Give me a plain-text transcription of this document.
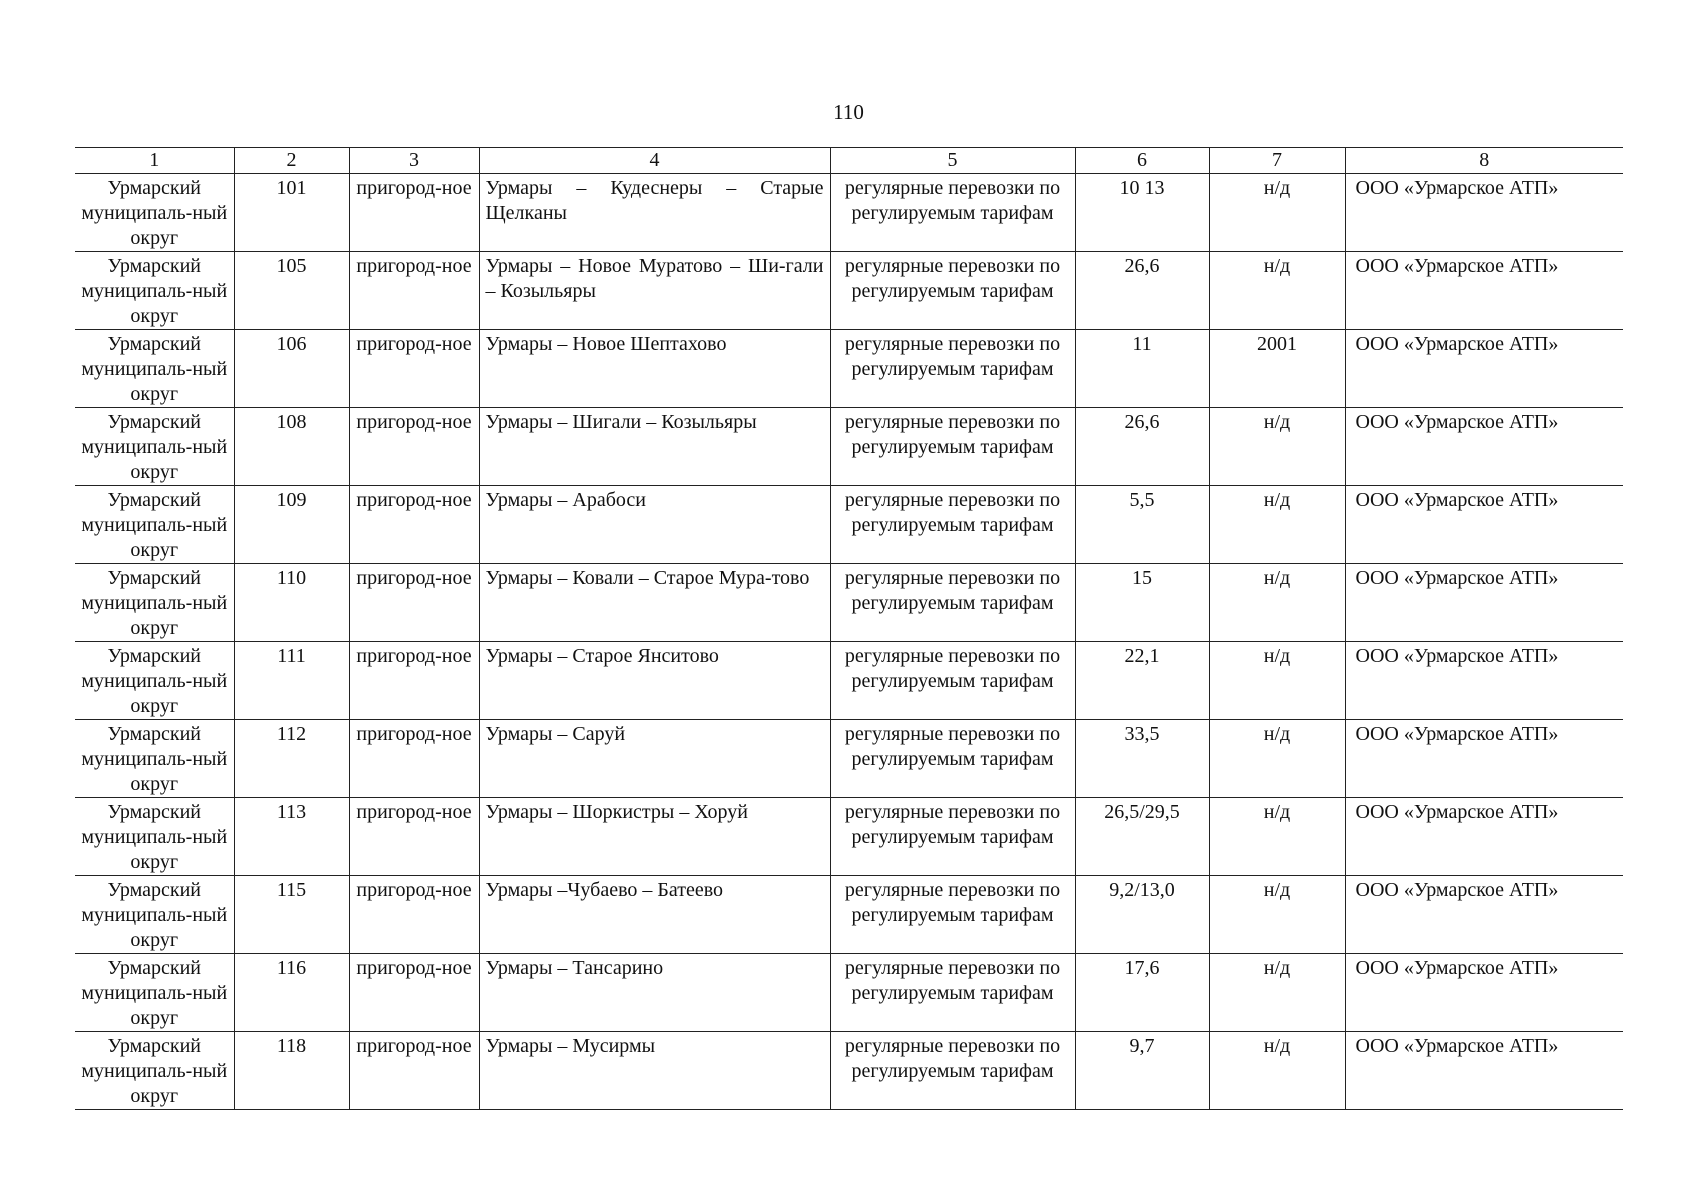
110
1	2	3	4	5	6	7	8
Урмарский муниципаль-ный округ	101	пригород-ное	Урмары – Кудеснеры – Старые Щелканы	регулярные перевозки по регулируемым тарифам	10 13	н/д	ООО «Урмарское АТП»
Урмарский муниципаль-ный округ	105	пригород-ное	Урмары – Новое Муратово – Ши-гали – Козыльяры	регулярные перевозки по регулируемым тарифам	26,6	н/д	ООО «Урмарское АТП»
Урмарский муниципаль-ный округ	106	пригород-ное	Урмары – Новое Шептахово	регулярные перевозки по регулируемым тарифам	11	2001	ООО «Урмарское АТП»
Урмарский муниципаль-ный округ	108	пригород-ное	Урмары – Шигали – Козыльяры	регулярные перевозки по регулируемым тарифам	26,6	н/д	ООО «Урмарское АТП»
Урмарский муниципаль-ный округ	109	пригород-ное	Урмары – Арабоси	регулярные перевозки по регулируемым тарифам	5,5	н/д	ООО «Урмарское АТП»
Урмарский муниципаль-ный округ	110	пригород-ное	Урмары – Ковали – Старое Мура-тово	регулярные перевозки по регулируемым тарифам	15	н/д	ООО «Урмарское АТП»
Урмарский муниципаль-ный округ	111	пригород-ное	Урмары – Старое Янситово	регулярные перевозки по регулируемым тарифам	22,1	н/д	ООО «Урмарское АТП»
Урмарский муниципаль-ный округ	112	пригород-ное	Урмары – Саруй	регулярные перевозки по регулируемым тарифам	33,5	н/д	ООО «Урмарское АТП»
Урмарский муниципаль-ный округ	113	пригород-ное	Урмары – Шоркистры – Хоруй	регулярные перевозки по регулируемым тарифам	26,5/29,5	н/д	ООО «Урмарское АТП»
Урмарский муниципаль-ный округ	115	пригород-ное	Урмары –Чубаево – Батеево	регулярные перевозки по регулируемым тарифам	9,2/13,0	н/д	ООО «Урмарское АТП»
Урмарский муниципаль-ный округ	116	пригород-ное	Урмары – Тансарино	регулярные перевозки по регулируемым тарифам	17,6	н/д	ООО «Урмарское АТП»
Урмарский муниципаль-ный округ	118	пригород-ное	Урмары – Мусирмы	регулярные перевозки по регулируемым тарифам	9,7	н/д	ООО «Урмарское АТП»
